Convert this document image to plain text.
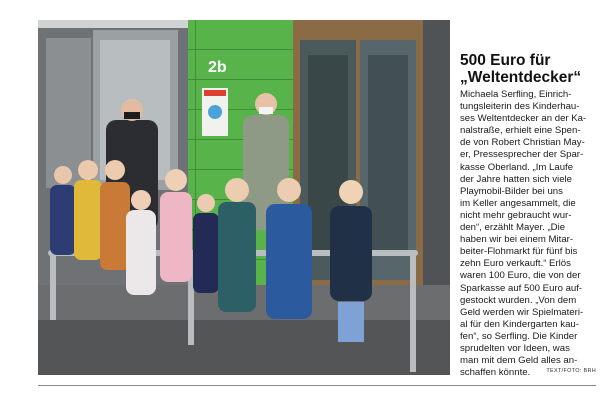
2b	500 Euro für
„Weltentdecker“
Michaela Serfling, Einrich-
tungsleiterin des Kinderhau-
ses Weltentdecker an der Ka-
nalstraße, erhielt eine Spen-
de von Robert Christian May-
er, Pressesprecher der Spar-
kasse Oberland. „Im Laufe
der Jahre hatten sich viele
Playmobil-Bilder bei uns
im Keller angesammelt, die
nicht mehr gebraucht wur-
den“, erzählt Mayer. „Die
haben wir bei einem Mitar-
beiter-Flohmarkt für fünf bis
zehn Euro verkauft.“ Erlös
waren 100 Euro, die von der
Sparkasse auf 500 Euro auf-
gestockt wurden. „Von dem
Geld werden wir Spielmateri-
al für den Kindergarten kau-
fen“, so Serfling. Die Kinder
sprudelten vor Ideen, was
man mit dem Geld alles an-
schaffen könnte.	TEXT/FOTO: BRH
